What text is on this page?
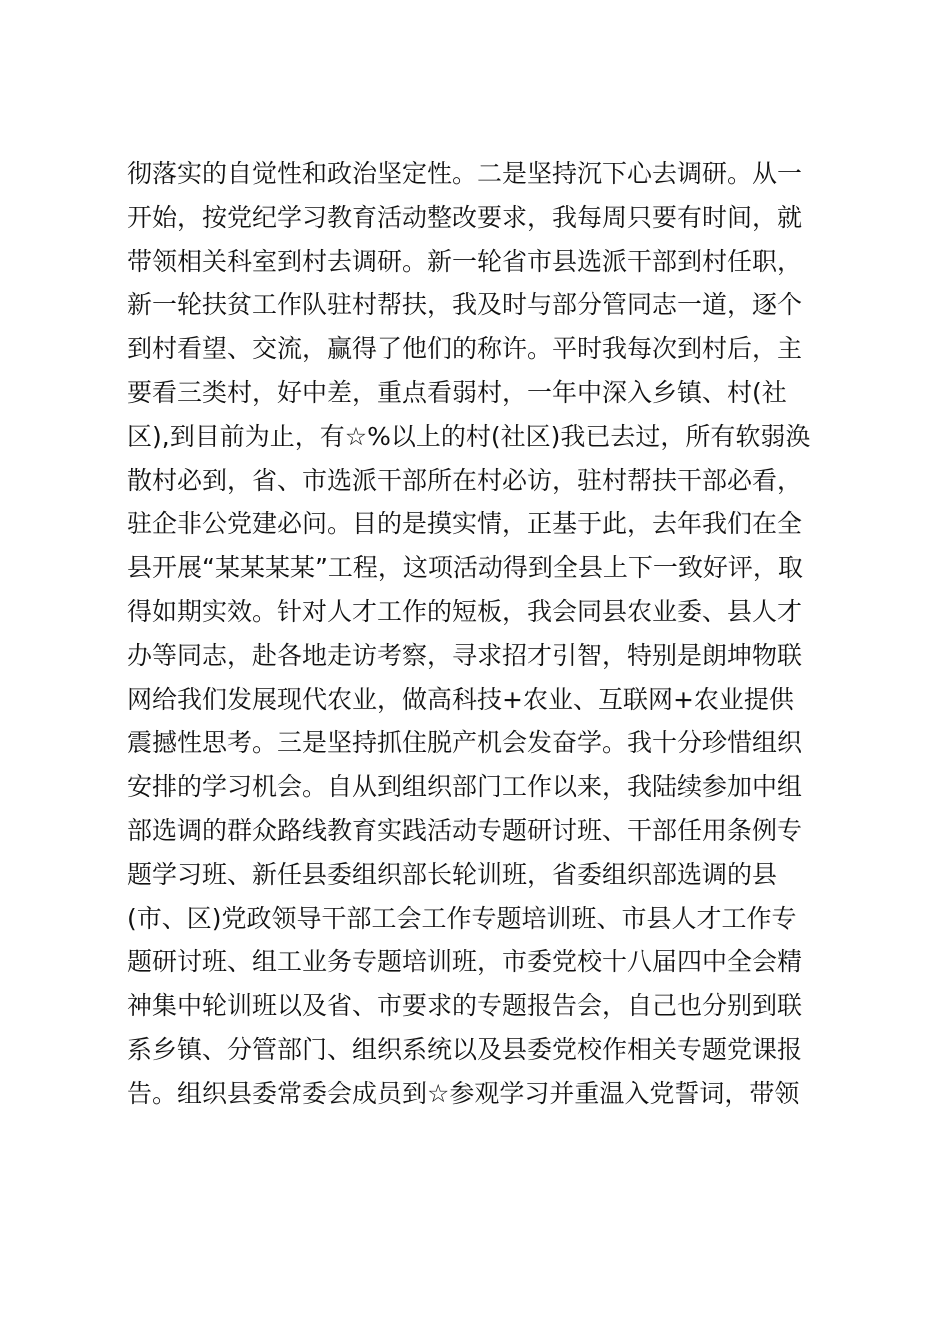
彻落实的自觉性和政治坚定性。二是坚持沉下心去调研。从一
开始，按党纪学习教育活动整改要求，我每周只要有时间，就
带领相关科室到村去调研。新一轮省市县选派干部到村任职，
新一轮扶贫工作队驻村帮扶，我及时与部分管同志一道，逐个
到村看望、交流，赢得了他们的称许。平时我每次到村后，主
要看三类村，好中差，重点看弱村，一年中深入乡镇、村(社
区),到目前为止，有☆%以上的村(社区)我已去过，所有软弱涣
散村必到，省、市选派干部所在村必访，驻村帮扶干部必看，
驻企非公党建必问。目的是摸实情，正基于此，去年我们在全
县开展“某某某某”工程，这项活动得到全县上下一致好评，取
得如期实效。针对人才工作的短板，我会同县农业委、县人才
办等同志，赴各地走访考察，寻求招才引智，特别是朗坤物联
网给我们发展现代农业，做高科技+农业、互联网+农业提供
震撼性思考。三是坚持抓住脱产机会发奋学。我十分珍惜组织
安排的学习机会。自从到组织部门工作以来，我陆续参加中组
部选调的群众路线教育实践活动专题研讨班、干部任用条例专
题学习班、新任县委组织部长轮训班，省委组织部选调的县
(市、区)党政领导干部工会工作专题培训班、市县人才工作专
题研讨班、组工业务专题培训班，市委党校十八届四中全会精
神集中轮训班以及省、市要求的专题报告会，自己也分别到联
系乡镇、分管部门、组织系统以及县委党校作相关专题党课报
告。组织县委常委会成员到☆参观学习并重温入党誓词，带领
